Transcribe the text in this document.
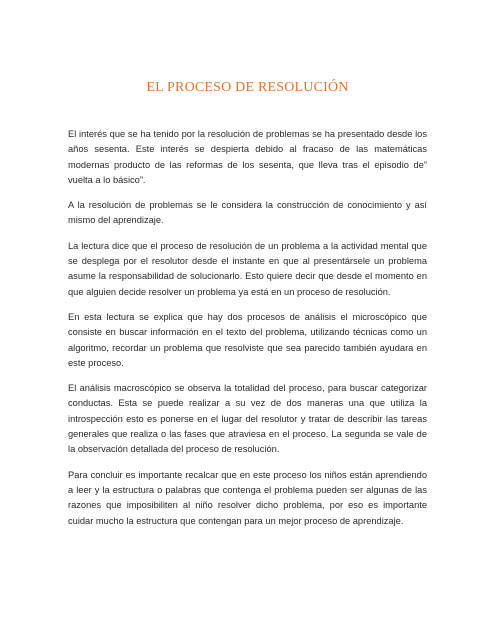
EL PROCESO DE RESOLUCIÓN

El interés que se ha tenido por la resolución de problemas se ha presentado desde los años sesenta. Este interés se despierta debido al fracaso de las matemáticas modernas producto de las reformas de los sesenta, que lleva tras el episodio de” vuelta a lo básico”.

A la resolución de problemas se le considera la construcción de conocimiento y así mismo del aprendizaje.

La lectura dice que el proceso de resolución de un problema a la actividad mental que se desplega por el resolutor desde el instante en que al presentársele un problema asume la responsabilidad de solucionarlo. Esto quiere decir que desde el momento en que alguien decide resolver un problema ya está en un proceso de resolución.

En esta lectura se explica que hay dos procesos de análisis el microscópico que consiste en buscar información en el texto del problema, utilizando técnicas como un algoritmo, recordar un problema que resolviste que sea parecido también ayudara en este proceso.

El análisis macroscópico se observa la totalidad del proceso, para buscar categorizar conductas. Esta se puede realizar a su vez de dos maneras una que utiliza la introspección esto es ponerse en el lugar del resolutor y tratar de describir las tareas generales que realiza o las fases que atraviesa en el proceso. La segunda se vale de la observación detallada del proceso de resolución.

Para concluir es importante recalcar que en este proceso los niños están aprendiendo a leer y la estructura o palabras que contenga el problema pueden ser algunas de las razones que imposibiliten al niño resolver dicho problema, por eso es importante cuidar mucho la estructura que contengan para un mejor proceso de aprendizaje.
